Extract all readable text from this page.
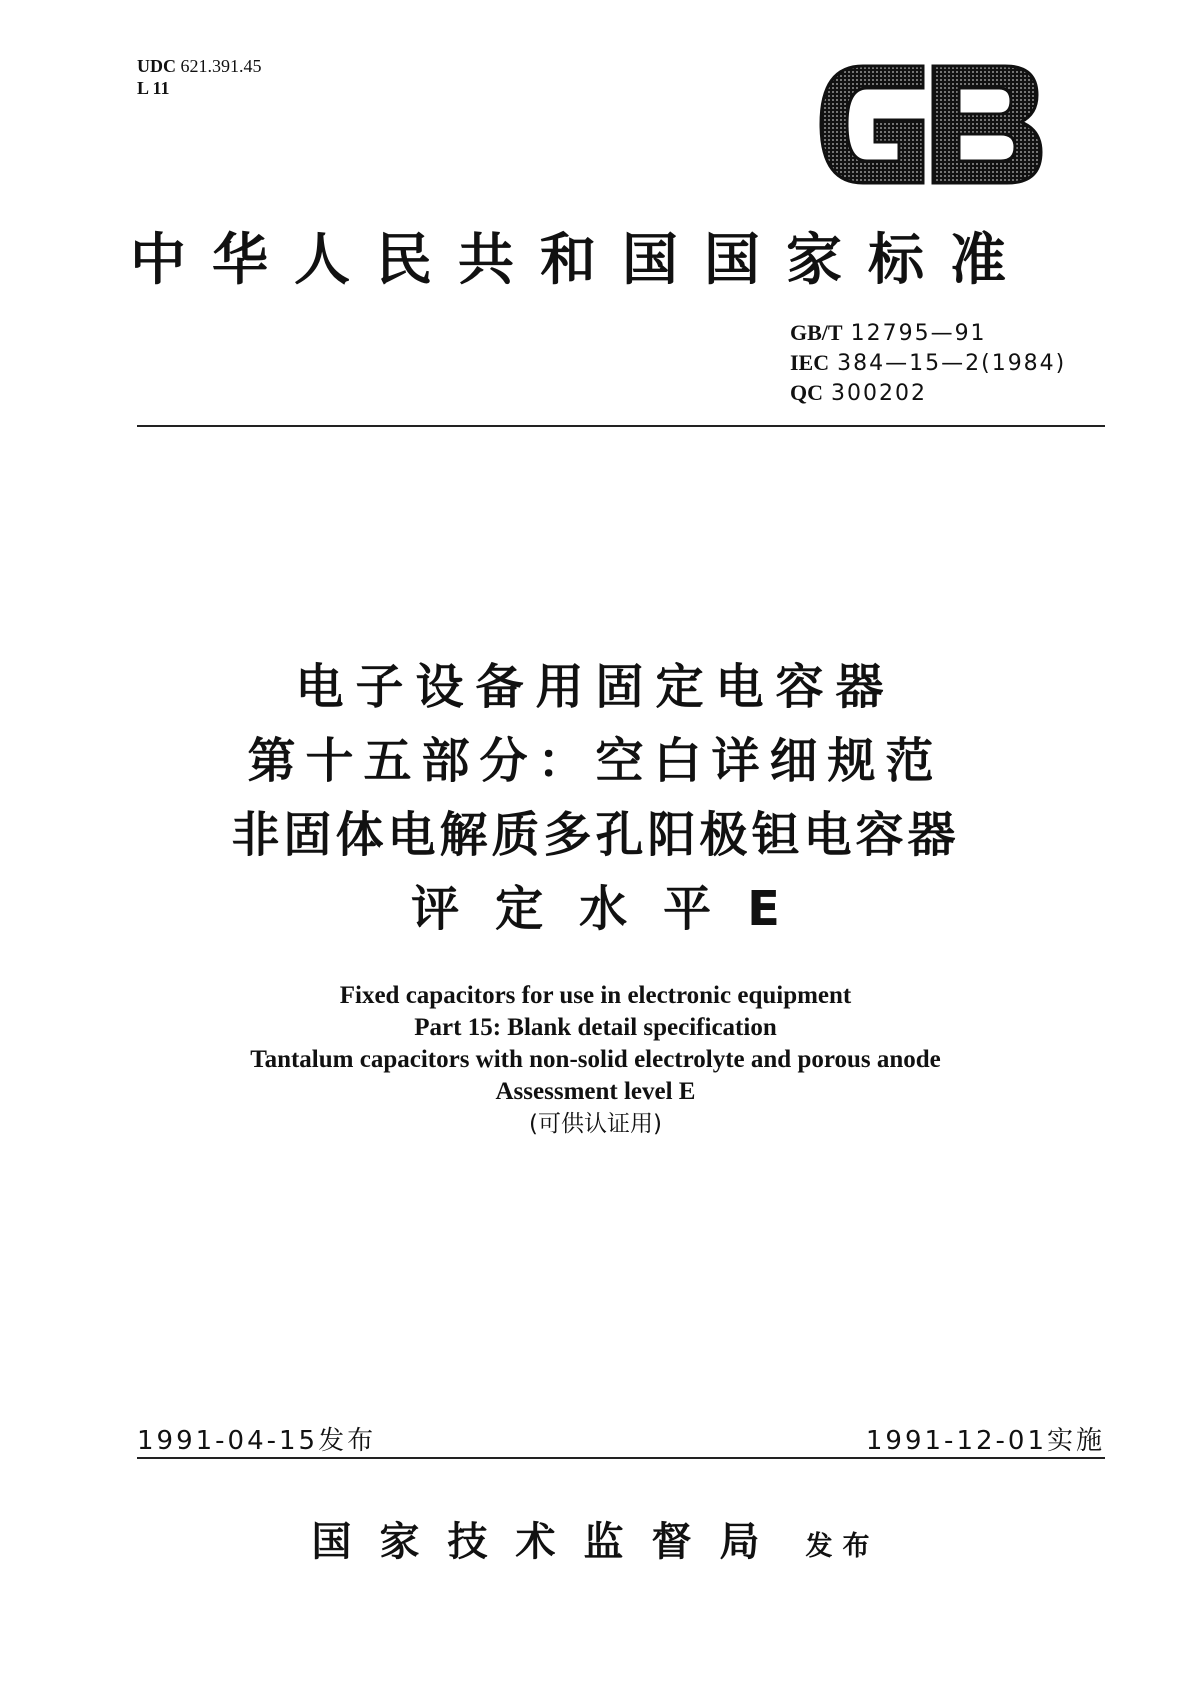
UDC 621.391.45
L 11
中华人民共和国国家标准
GB/T 12795—91
IEC 384—15—2(1984)
QC 300202
电子设备用固定电容器
第十五部分：空白详细规范
非固体电解质多孔阳极钽电容器
评定水平E
Fixed capacitors for use in electronic equipment
Part 15: Blank detail specification
Tantalum capacitors with non-solid electrolyte and porous anode
Assessment level E
(可供认证用)
1991-04-15发布	1991-12-01实施
国家技术监督局 发布
